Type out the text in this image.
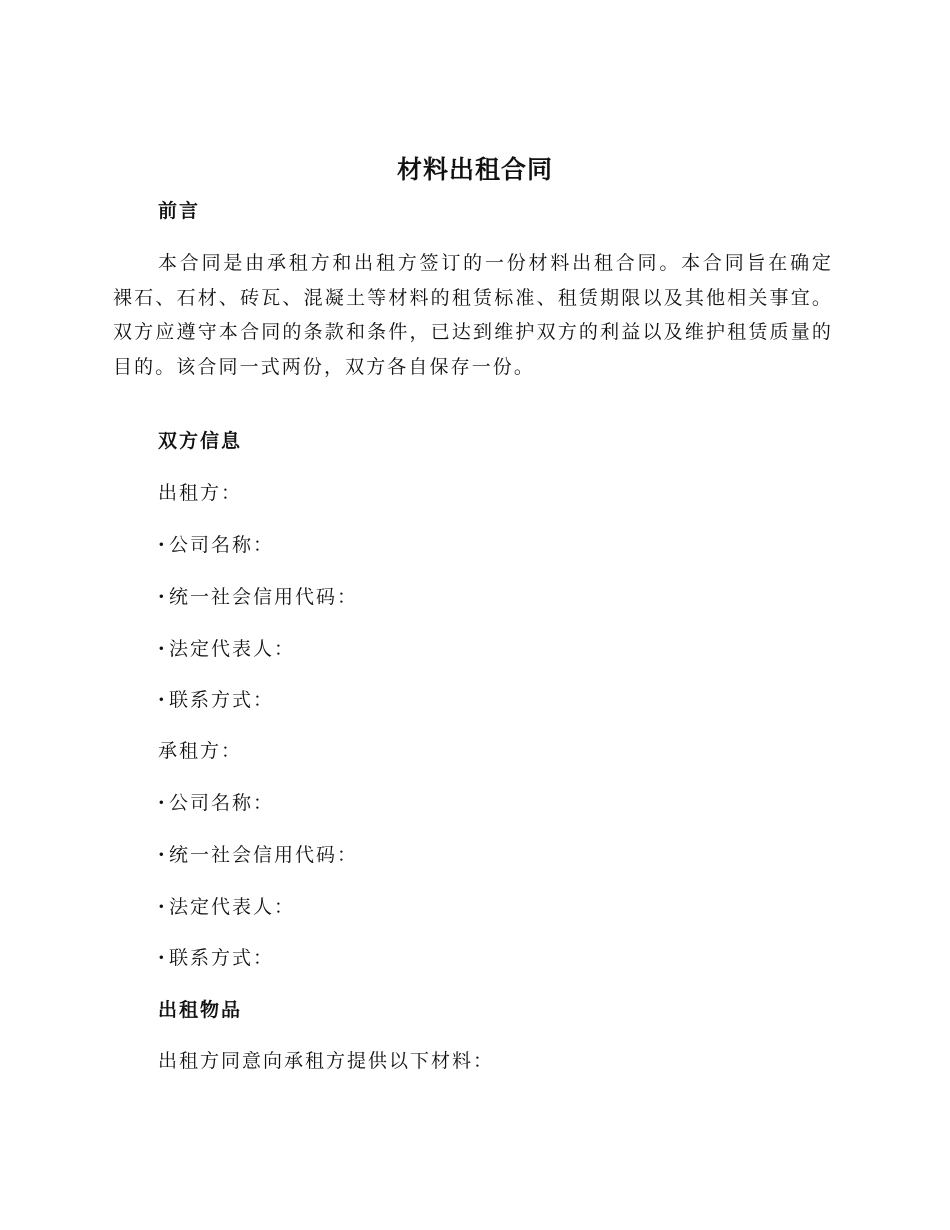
材料出租合同
前言

本合同是由承租方和出租方签订的一份材料出租合同。本合同旨在确定裸石、石材、砖瓦、混凝土等材料的租赁标准、租赁期限以及其他相关事宜。双方应遵守本合同的条款和条件，已达到维护双方的利益以及维护租赁质量的目的。该合同一式两份，双方各自保存一份。

双方信息
出租方：
· 公司名称：
· 统一社会信用代码：
· 法定代表人：
· 联系方式：
承租方：
· 公司名称：
· 统一社会信用代码：
· 法定代表人：
· 联系方式：
出租物品
出租方同意向承租方提供以下材料：
